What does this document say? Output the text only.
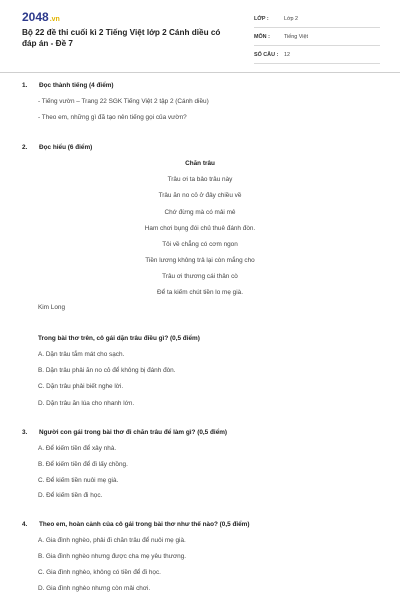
2048.vn
Bộ 22 đề thi cuối kì 2 Tiếng Việt lớp 2 Cánh diều có đáp án - Đề 7
LỚP :	Lớp 2
MÔN :	Tiếng Việt
SỐ CÂU : 12
1. Đọc thành tiếng (4 điểm)
- Tiếng vườn – Trang 22 SGK Tiếng Việt 2 tập 2 (Cánh diều)
- Theo em, những gì đã tạo nên tiếng gọi của vườn?
2. Đọc hiểu (6 điểm)
Chăn trâu
Trâu ơi ta bảo trâu này
Trâu ăn no cỏ ở đây chiều về
Chớ đừng mà có mải mê
Ham chơi bụng đói chủ thuê đánh đòn.
Tôi về chẳng có cơm ngon
Tiền lương không trả lại còn mắng cho
Trâu ơi thương cái thân cò
Để ta kiếm chút tiền lo mẹ già.
Kim Long
Trong bài thơ trên, cô gái dặn trâu điều gì? (0,5 điểm)
A. Dặn trâu tắm mát cho sạch.
B. Dặn trâu phải ăn no cỏ để không bị đánh đòn.
C. Dặn trâu phải biết nghe lời.
D. Dặn trâu ăn lúa cho nhanh lớn.
3. Người con gái trong bài thơ đi chăn trâu để làm gì? (0,5 điểm)
A. Để kiếm tiền để xây nhà.
B. Để kiếm tiền để đi lấy chồng.
C. Để kiếm tiền nuôi mẹ già.
D. Để kiếm tiền đi học.
4. Theo em, hoàn cảnh của cô gái trong bài thơ như thế nào? (0,5 điểm)
A. Gia đình nghèo, phải đi chăn trâu để nuôi mẹ già.
B. Gia đình nghèo nhưng được cha mẹ yêu thương.
C. Gia đình nghèo, không có tiền để đi học.
D. Gia đình nghèo nhưng còn mải chơi.
